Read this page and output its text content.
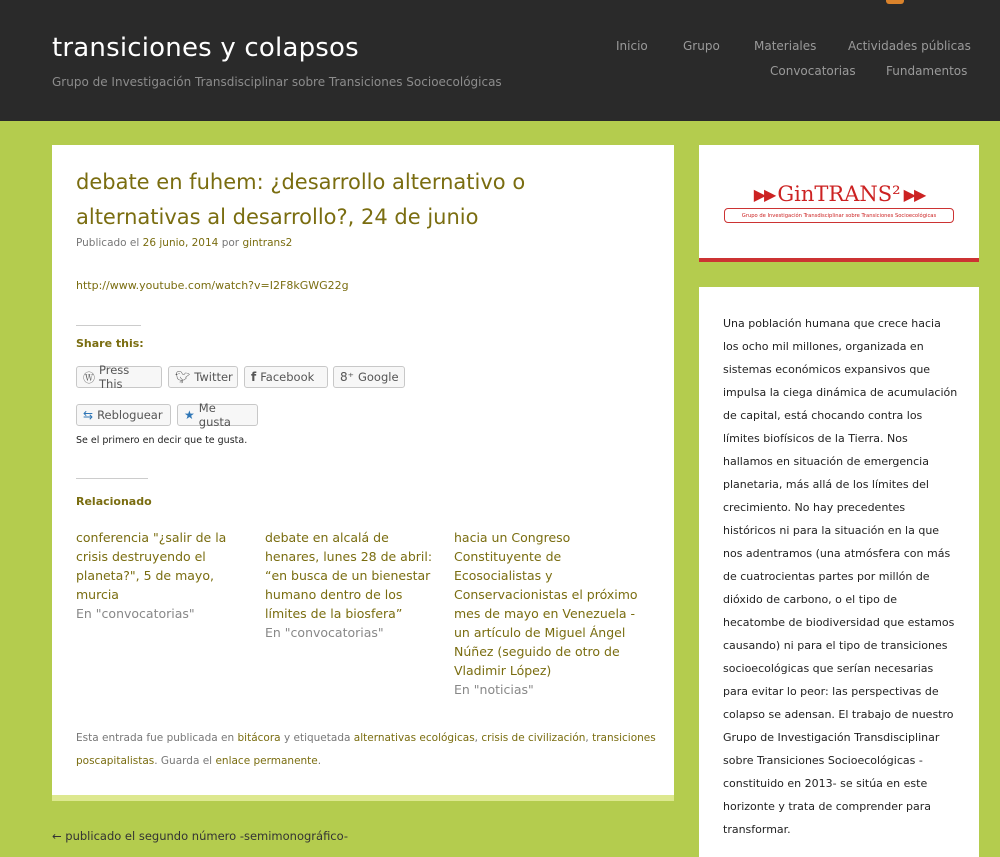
transiciones y colapsos
Grupo de Investigación Transdisciplinar sobre Transiciones Socioecológicas
Inicio	Grupo	Materiales	Actividades públicas
Convocatorias	Fundamentos
debate en fuhem: ¿desarrollo alternativo o alternativas al desarrollo?, 24 de junio
Publicado el 26 junio, 2014 por gintrans2
http://www.youtube.com/watch?v=I2F8kGWG22g
Share this:
Ⓦ
Press This	🐦︎ Twitter f Facebook 8⁺ Google
⇆ Rebloguear ★ Me gusta
Se el primero en decir que te gusta.
Relacionado
conferencia "¿salir de la crisis destruyendo el planeta?", 5 de mayo, murcia
En "convocatorias"
debate en alcalá de henares, lunes 28 de abril: “en busca de un bienestar humano dentro de los límites de la biosfera”
En "convocatorias"
hacia un Congreso Constituyente de Ecosocialistas y Conservacionistas el próximo mes de mayo en Venezuela -un artículo de Miguel Ángel Núñez (seguido de otro de Vladimir López)
En "noticias"
Esta entrada fue publicada en bitácora y etiquetada alternativas ecológicas, crisis de civilización, transiciones poscapitalistas. Guarda el enlace permanente.
▶▶ GinTRANS² ▶▶
Grupo de Investigación Transdisciplinar sobre Transiciones Socioecológicas
Una población humana que crece hacia los ocho mil millones, organizada en sistemas económicos expansivos que impulsa la ciega dinámica de acumulación de capital, está chocando contra los límites biofísicos de la Tierra. Nos hallamos en situación de emergencia planetaria, más allá de los límites del crecimiento. No hay precedentes históricos ni para la situación en la que nos adentramos (una atmósfera con más de cuatrocientas partes por millón de dióxido de carbono, o el tipo de hecatombe de biodiversidad que estamos causando) ni para el tipo de transiciones socioecológicas que serían necesarias para evitar lo peor: las perspectivas de colapso se adensan. El trabajo de nuestro Grupo de Investigación Transdisciplinar sobre Transiciones Socioecológicas -constituido en 2013- se sitúa en este horizonte y trata de comprender para transformar.
← publicado el segundo número -semimonográfico-
